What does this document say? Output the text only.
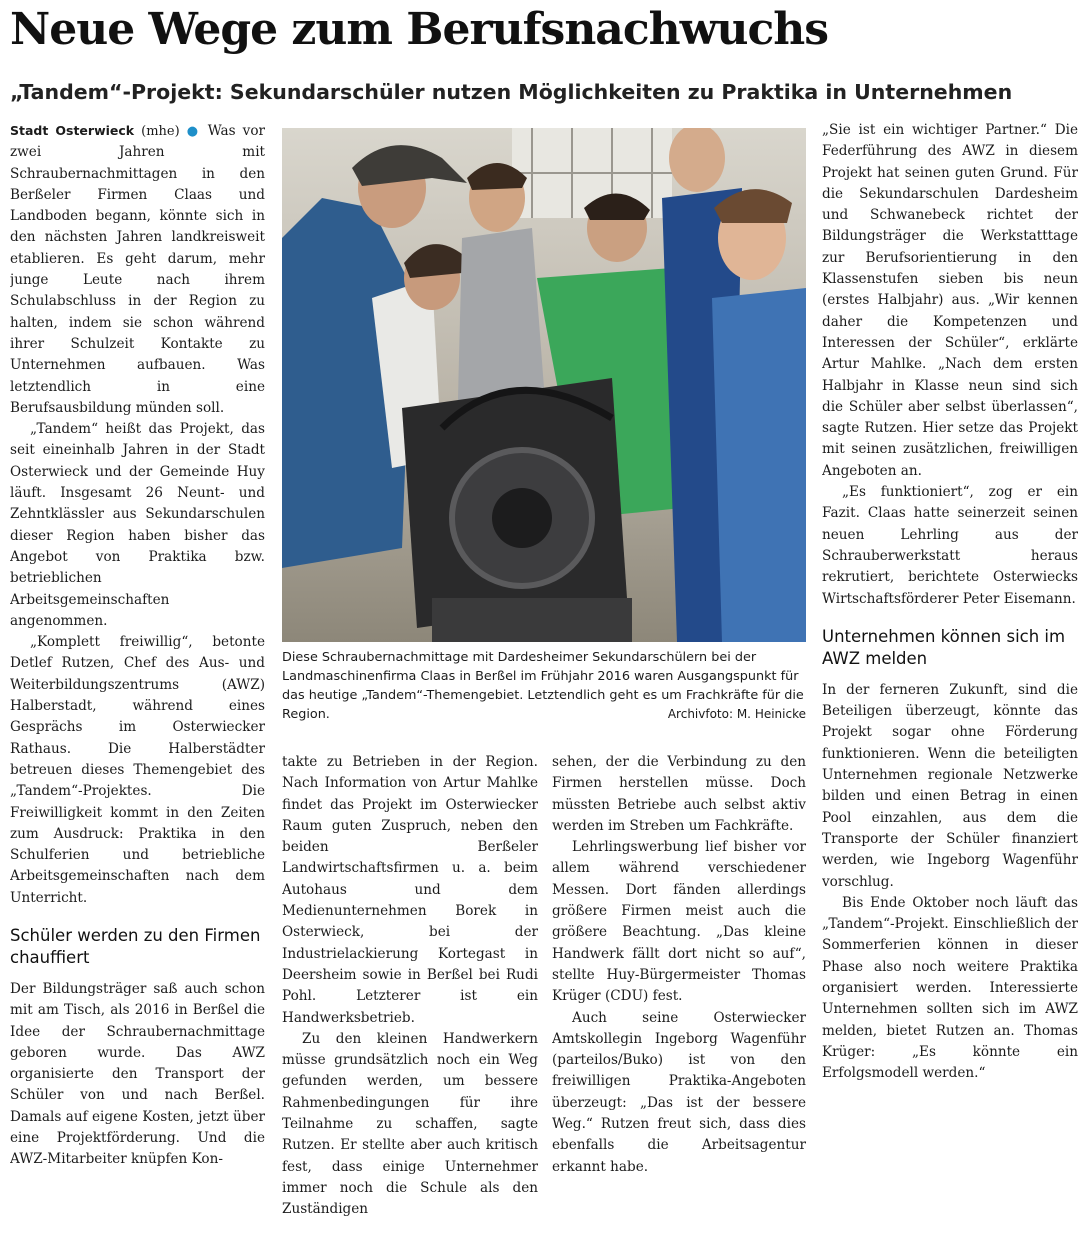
Neue Wege zum Berufsnachwuchs
„Tandem“-Projekt: Sekundarschüler nutzen Möglichkeiten zu Praktika in Unternehmen

Stadt Osterwieck (mhe) ● Was vor zwei Jahren mit Schraubernachmittagen in den Berßeler Firmen Claas und Landboden begann, könnte sich in den nächsten Jahren landkreisweit etablieren. Es geht darum, mehr junge Leute nach ihrem Schulabschluss in der Region zu halten, indem sie schon während ihrer Schulzeit Kontakte zu Unternehmen aufbauen. Was letztendlich in eine Berufsausbildung münden soll.

„Tandem“ heißt das Projekt, das seit eineinhalb Jahren in der Stadt Osterwieck und der Gemeinde Huy läuft. Insgesamt 26 Neunt- und Zehntklässler aus Sekundarschulen dieser Region haben bisher das Angebot von Praktika bzw. betrieblichen Arbeitsgemeinschaften angenommen.

„Komplett freiwillig“, betonte Detlef Rutzen, Chef des Aus- und Weiterbildungszentrums (AWZ) Halberstadt, während eines Gesprächs im Osterwiecker Rathaus. Die Halberstädter betreuen dieses Themengebiet des „Tandem“-Projektes. Die Freiwilligkeit kommt in den Zeiten zum Ausdruck: Praktika in den Schulferien und betriebliche Arbeitsgemeinschaften nach dem Unterricht.

Schüler werden zu den Firmen chauffiert

Der Bildungsträger saß auch schon mit am Tisch, als 2016 in Berßel die Idee der Schraubernachmittage geboren wurde. Das AWZ organisierte den Transport der Schüler von und nach Berßel. Damals auf eigene Kosten, jetzt über eine Projektförderung. Und die AWZ-Mitarbeiter knüpfen Kon-

Diese Schraubernachmittage mit Dardesheimer Sekundarschülern bei der Landmaschinenfirma Claas in Berßel im Frühjahr 2016 waren Ausgangspunkt für das heutige „Tandem“-Themengebiet. Letztendlich geht es um Frachkräfte für die Region.	Archivfoto: M. Heinicke

takte zu Betrieben in der Region. Nach Information von Artur Mahlke findet das Projekt im Osterwiecker Raum guten Zuspruch, neben den beiden Berßeler Landwirtschaftsfirmen u. a. beim Autohaus und dem Medienunternehmen Borek in Osterwieck, bei der Industrielackierung Kortegast in Deersheim sowie in Berßel bei Rudi Pohl. Letzterer ist ein Handwerksbetrieb.

Zu den kleinen Handwerkern müsse grundsätzlich noch ein Weg gefunden werden, um bessere Rahmenbedingungen für ihre Teilnahme zu schaffen, sagte Rutzen. Er stellte aber auch kritisch fest, dass einige Unternehmer immer noch die Schule als den Zuständigen

sehen, der die Verbindung zu den Firmen herstellen müsse. Doch müssten Betriebe auch selbst aktiv werden im Streben um Fachkräfte.

Lehrlingswerbung lief bisher vor allem während verschiedener Messen. Dort fänden allerdings größere Firmen meist auch die größere Beachtung. „Das kleine Handwerk fällt dort nicht so auf“, stellte Huy-Bürgermeister Thomas Krüger (CDU) fest.

Auch seine Osterwiecker Amtskollegin Ingeborg Wagenführ (parteilos/Buko) ist von den freiwilligen Praktika-Angeboten überzeugt: „Das ist der bessere Weg.“ Rutzen freut sich, dass dies ebenfalls die Arbeitsagentur erkannt habe.

„Sie ist ein wichtiger Partner.“ Die Federführung des AWZ in diesem Projekt hat seinen guten Grund. Für die Sekundarschulen Dardesheim und Schwanebeck richtet der Bildungsträger die Werkstatttage zur Berufsorientierung in den Klassenstufen sieben bis neun (erstes Halbjahr) aus. „Wir kennen daher die Kompetenzen und Interessen der Schüler“, erklärte Artur Mahlke. „Nach dem ersten Halbjahr in Klasse neun sind sich die Schüler aber selbst überlassen“, sagte Rutzen. Hier setze das Projekt mit seinen zusätzlichen, freiwilligen Angeboten an.

„Es funktioniert“, zog er ein Fazit. Claas hatte seinerzeit seinen neuen Lehrling aus der Schrauberwerkstatt heraus rekrutiert, berichtete Osterwiecks Wirtschaftsförderer Peter Eisemann.

Unternehmen können sich im AWZ melden

In der ferneren Zukunft, sind die Beteiligen überzeugt, könnte das Projekt sogar ohne Förderung funktionieren. Wenn die beteiligten Unternehmen regionale Netzwerke bilden und einen Betrag in einen Pool einzahlen, aus dem die Transporte der Schüler finanziert werden, wie Ingeborg Wagenführ vorschlug.

Bis Ende Oktober noch läuft das „Tandem“-Projekt. Einschließlich der Sommerferien können in dieser Phase also noch weitere Praktika organisiert werden. Interessierte Unternehmen sollten sich im AWZ melden, bietet Rutzen an. Thomas Krüger: „Es könnte ein Erfolgsmodell werden.“
